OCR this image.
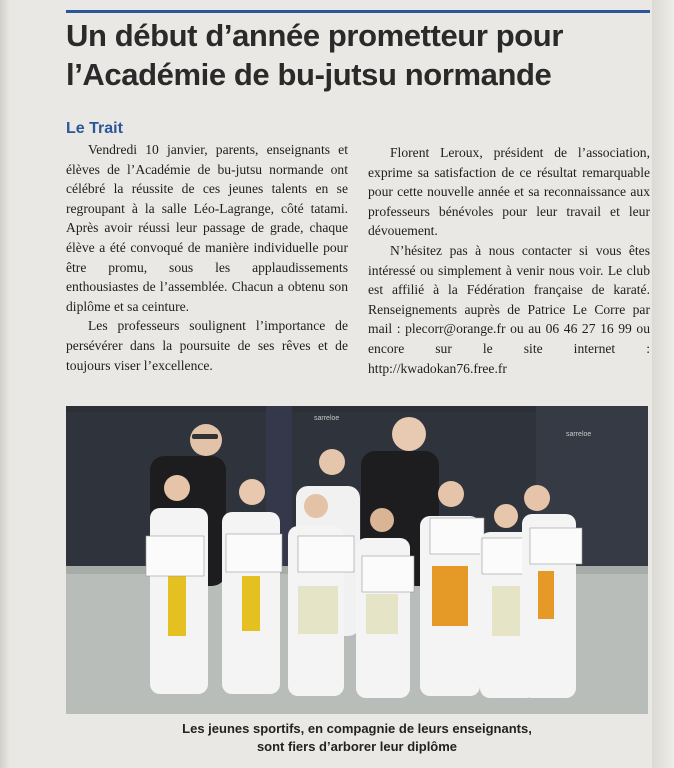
Un début d’année prometteur pour
l’Académie de bu-jutsu normande
Le Trait

Vendredi 10 janvier, parents, enseignants et élèves de l’Académie de bu-jutsu normande ont célébré la réussite de ces jeunes talents en se regroupant à la salle Léo-Lagrange, côté tatami. Après avoir réussi leur passage de grade, chaque élève a été convoqué de manière individuelle pour être promu, sous les applaudissements enthousiastes de l’assemblée. Chacun a obtenu son diplôme et sa ceinture.

Les professeurs soulignent l’importance de persévérer dans la poursuite de ses rêves et de toujours viser l’excellence.

Florent Leroux, président de l’association, exprime sa satisfaction de ce résultat remarquable pour cette nouvelle année et sa reconnaissance aux professeurs bénévoles pour leur travail et leur dévouement.

N’hésitez pas à nous contacter si vous êtes intéressé ou simplement à venir nous voir. Le club est affilié à la Fédération française de karaté. Renseignements auprès de Patrice Le Corre par mail : plecorr@orange.fr ou au 06 46 27 16 99 ou encore sur le site internet : http://kwadokan76.free.fr

sarreloe
sarreloe
Les jeunes sportifs, en compagnie de leurs enseignants,
sont fiers d’arborer leur diplôme
